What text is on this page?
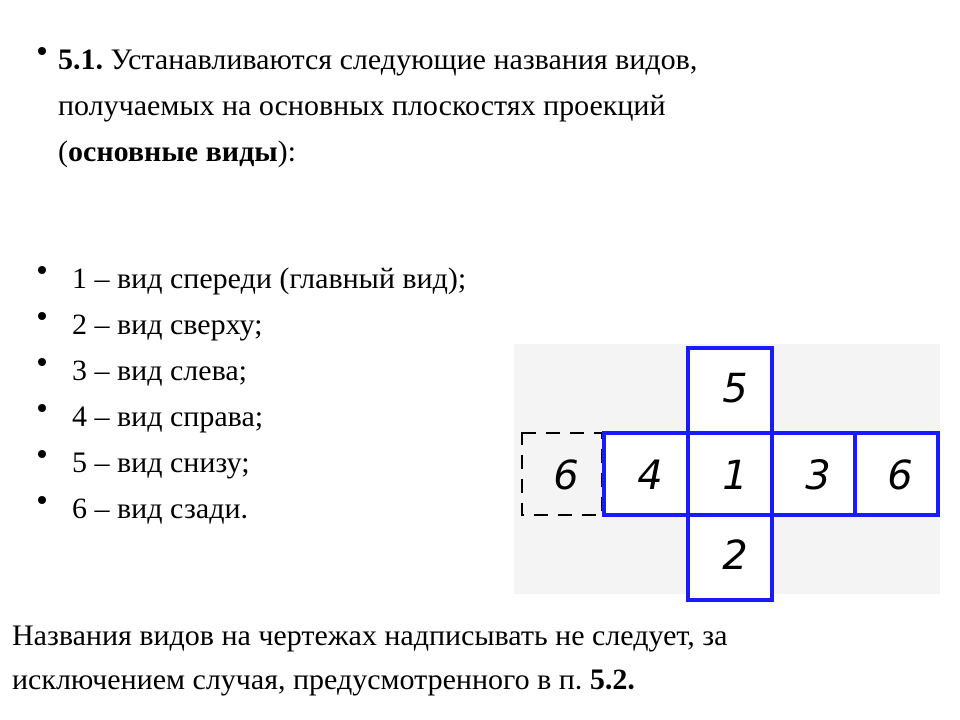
5.1. Устанавливаются следующие названия видов,
получаемых на основных плоскостях проекций
(основные виды):
1 – вид спереди (главный вид);
2 – вид сверху;
3 – вид слева;
4 – вид справа;
5 – вид снизу;
6 – вид сзади.
5
6 4 1 3 6
2
Названия видов на чертежах надписывать не следует, за
исключением случая, предусмотренного в п. 5.2.
